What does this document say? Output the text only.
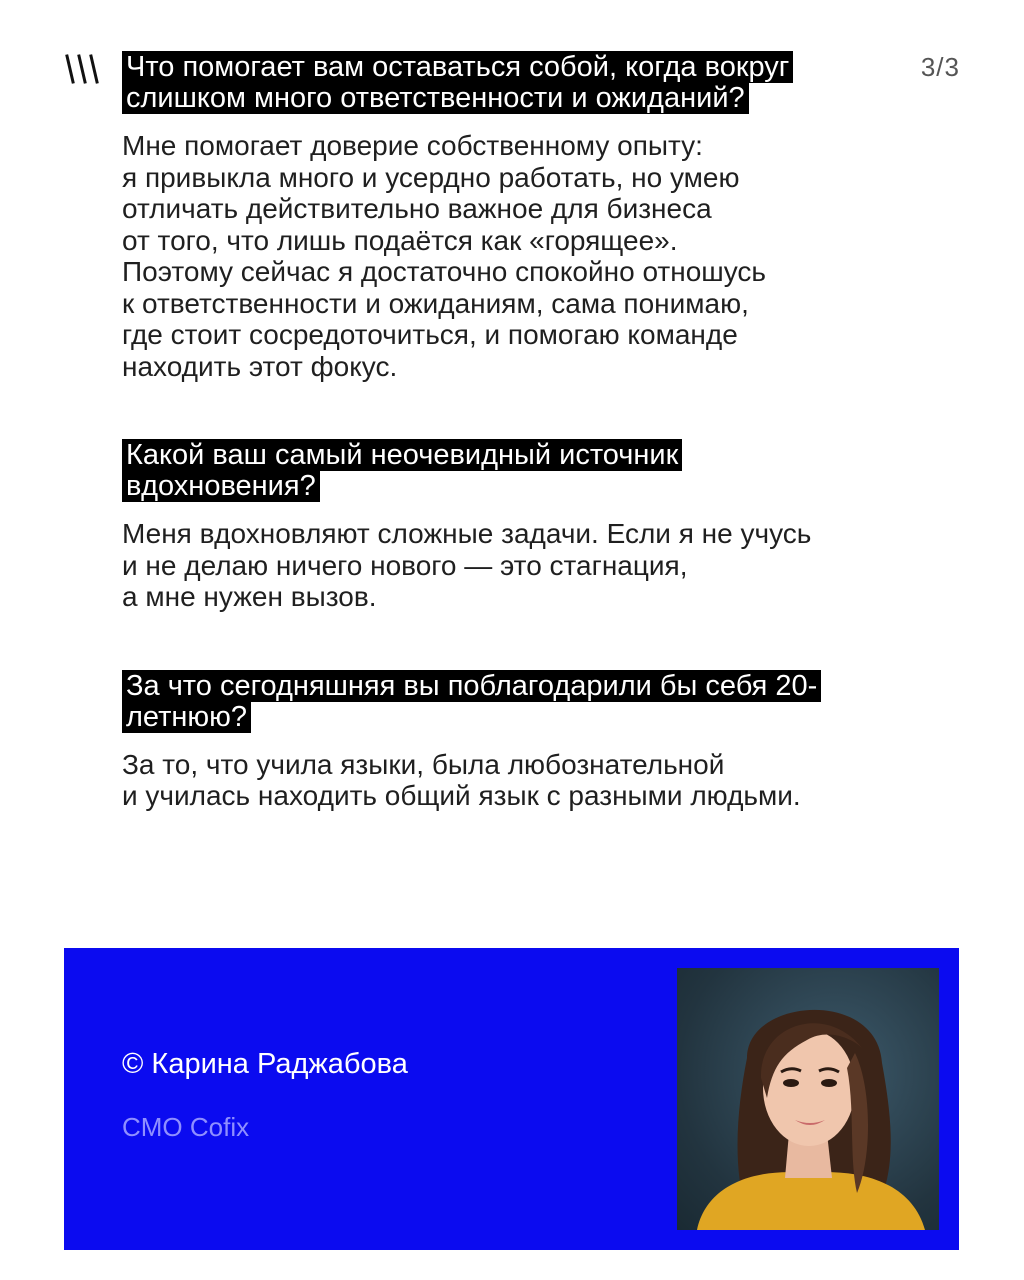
3/3
Что помогает вам оставаться собой, когда вокруг слишком много ответственности и ожиданий?

Мне помогает доверие собственному опыту:
я привыкла много и усердно работать, но умею
отличать действительно важное для бизнеса
от того, что лишь подаётся как «горящее».
Поэтому сейчас я достаточно спокойно отношусь
к ответственности и ожиданиям, сама понимаю,
где стоит сосредоточиться, и помогаю команде
находить этот фокус.

Какой ваш самый неочевидный источник вдохновения?

Меня вдохновляют сложные задачи. Если я не учусь
и не делаю ничего нового — это стагнация,
а мне нужен вызов.

За что сегодняшняя вы поблагодарили бы себя 20-летнюю?

За то, что учила языки, была любознательной
и училась находить общий язык с разными людьми.

© Карина Раджабова
CMO Cofix
